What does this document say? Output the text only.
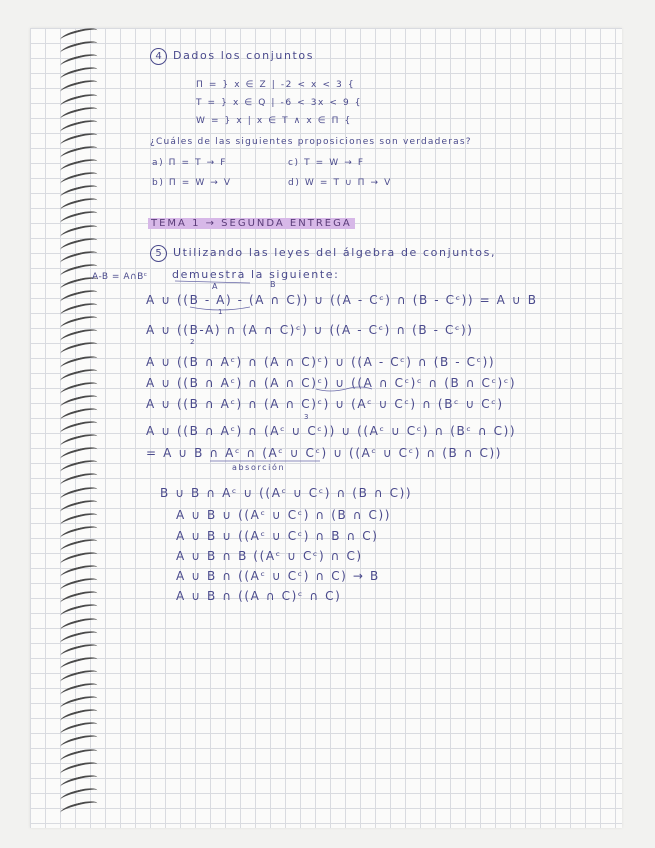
4 Dados los conjuntos
Π = } x ∈ Z | -2 < x < 3 {
T = } x ∈ Q | -6 < 3x < 9 {
W = } x | x ∈ T ∧ x ∈ Π {
¿Cuáles de las siguientes proposiciones son verdaderas?
a) Π = T → F	c) T = W → F
b) Π = W → V	d) W = T ∪ Π → V
TEMA 1 → SEGUNDA ENTREGA
5 Utilizando las leyes del álgebra de conjuntos,
A-B = A∩Bᶜ demuestra la siguiente:
A	B
A ∪ ((B - A) - (A ∩ C)) ∪ ((A - Cᶜ) ∩ (B - Cᶜ)) = A ∪ B
1
A ∪ ((B-A) ∩ (A ∩ C)ᶜ) ∪ ((A - Cᶜ) ∩ (B - Cᶜ))
2
A ∪ ((B ∩ Aᶜ) ∩ (A ∩ C)ᶜ) ∪ ((A - Cᶜ) ∩ (B - Cᶜ))
A ∪ ((B ∩ Aᶜ) ∩ (A ∩ C)ᶜ) ∪ ((A ∩ Cᶜ)ᶜ ∩ (B ∩ Cᶜ)ᶜ)
A ∪ ((B ∩ Aᶜ) ∩ (A ∩ C)ᶜ) ∪ (Aᶜ ∪ Cᶜ) ∩ (Bᶜ ∪ Cᶜ)
3
A ∪ ((B ∩ Aᶜ) ∩ (Aᶜ ∪ Cᶜ)) ∪ ((Aᶜ ∪ Cᶜ) ∩ (Bᶜ ∩ C))
= A ∪ B ∩ Aᶜ ∩ (Aᶜ ∪ Cᶜ) ∪ ((Aᶜ ∪ Cᶜ) ∩ (B ∩ C))
absorción
B ∪ B ∩ Aᶜ ∪ ((Aᶜ ∪ Cᶜ) ∩ (B ∩ C))
A ∪ B ∪ ((Aᶜ ∪ Cᶜ) ∩ (B ∩ C))
A ∪ B ∪ ((Aᶜ ∪ Cᶜ) ∩ B ∩ C)
A ∪ B ∩ B ((Aᶜ ∪ Cᶜ) ∩ C)
A ∪ B ∩ ((Aᶜ ∪ Cᶜ) ∩ C) → B
A ∪ B ∩ ((A ∩ C)ᶜ ∩ C)
